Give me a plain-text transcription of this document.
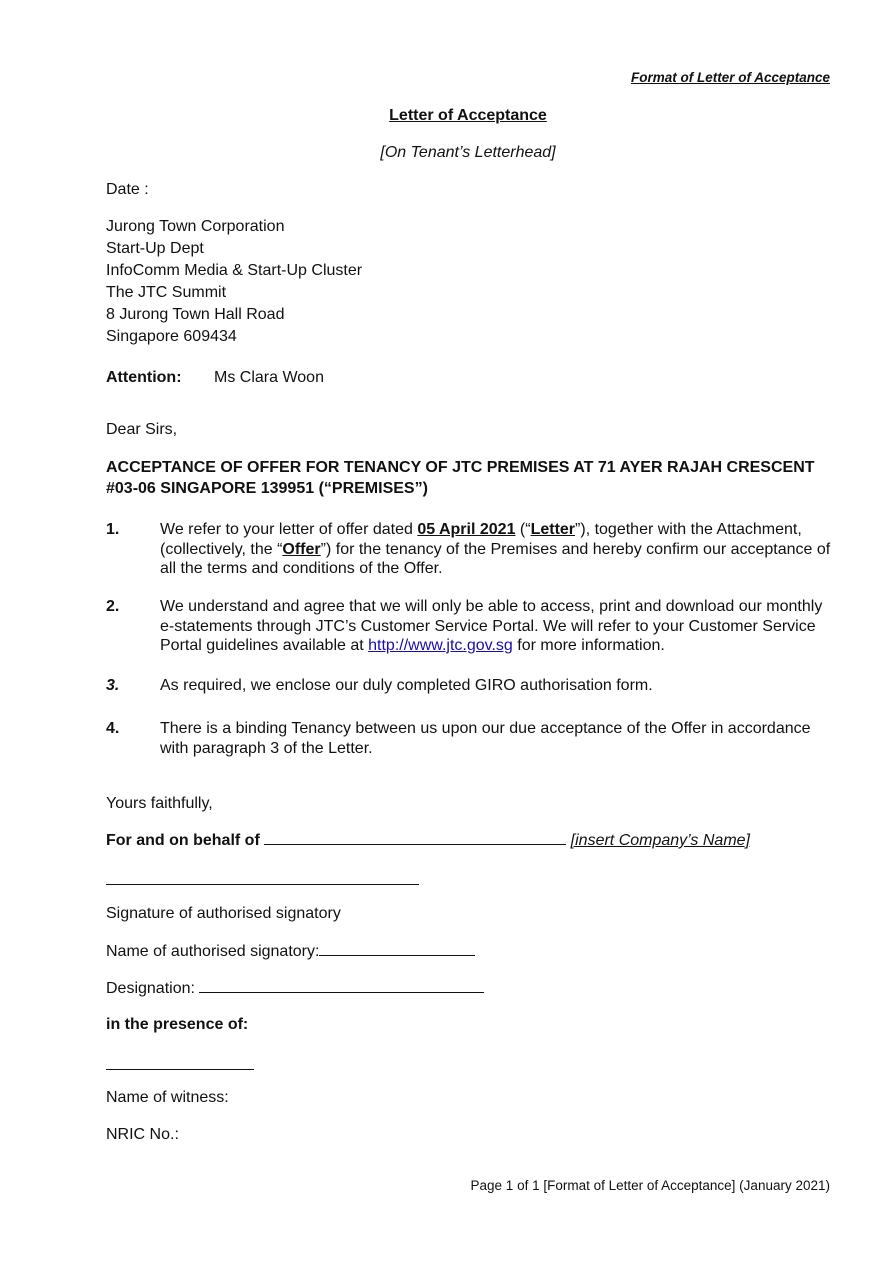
Format of Letter of Acceptance
Letter of Acceptance
[On Tenant’s Letterhead]
Date :
Jurong Town Corporation
Start-Up Dept
InfoComm Media & Start-Up Cluster
The JTC Summit
8 Jurong Town Hall Road
Singapore 609434
Attention: Ms Clara Woon
Dear Sirs,
ACCEPTANCE OF OFFER FOR TENANCY OF JTC PREMISES AT 71 AYER RAJAH CRESCENT #03-06 SINGAPORE 139951 (“PREMISES”)
1.	We refer to your letter of offer dated 05 April 2021 (“Letter”), together with the Attachment, (collectively, the “Offer”) for the tenancy of the Premises and hereby confirm our acceptance of all the terms and conditions of the Offer.
2.	We understand and agree that we will only be able to access, print and download our monthly e-statements through JTC’s Customer Service Portal. We will refer to your Customer Service Portal guidelines available at http://www.jtc.gov.sg for more information.
3.	As required, we enclose our duly completed GIRO authorisation form.
4.	There is a binding Tenancy between us upon our due acceptance of the Offer in accordance with paragraph 3 of the Letter.
Yours faithfully,
For and on behalf of	[insert Company’s Name]
Signature of authorised signatory
Name of authorised signatory:
Designation:
in the presence of:
Name of witness:
NRIC No.:
Page 1 of 1 [Format of Letter of Acceptance] (January 2021)
